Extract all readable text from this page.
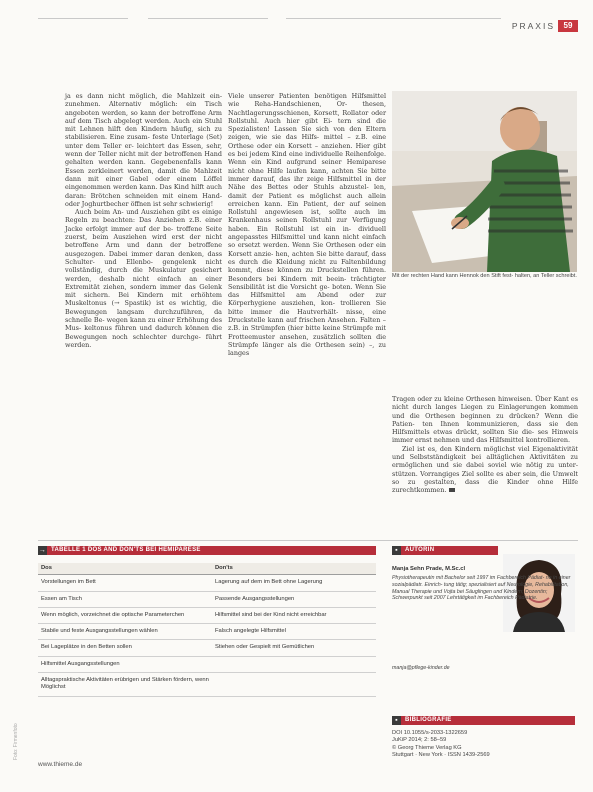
PRAXIS	59

ja es dann nicht möglich, die Mahlzeit ein- zunehmen. Alternativ möglich: ein Tisch angeboten werden, so kann der betroffene Arm auf dem Tisch abgelegt werden. Auch ein Stuhl mit Lehnen hilft den Kindern häufig, sich zu stabilisieren. Eine zusam- feste Unterlage (Set) unter dem Teller er- leichtert das Essen, sehr, wenn der Teller nicht mit der betroffenen Hand gehalten werden kann. Gegebenenfalls kann Essen zerkleinert werden, damit die Mahlzeit dann mit einer Gabel oder einem Löffel eingenommen werden kann. Das Kind hilft auch daran: Brötchen schneiden mit einem Hand- oder Joghurtbecher öffnen ist sehr schwierig!

Auch beim An- und Ausziehen gibt es einige Regeln zu beachten: Das Anziehen z.B. einer Jacke erfolgt immer auf der be- troffene Seite zuerst, beim Ausziehen wird erst der nicht betroffene Arm und dann der betroffene ausgezogen. Dabei immer daran denken, dass Schulter- und Ellenbo- gengelenk nicht vollständig, durch die Muskulatur gesichert werden, deshalb nicht einfach an einer Extremität ziehen, sondern immer das Gelenk mit sichern. Bei Kindern mit erhöhtem Muskeltonus (→ Spastik) ist es wichtig, die Bewegungen langsam durchzuführen, da schnelle Be- wegen kann zu einer Erhöhung des Mus- keltonus führen und dadurch können die Bewegungen noch schlechter durchge- führt werden.

Viele unserer Patienten benötigen Hilfsmittel wie Reha-Handschienen, Or- thesen, Nachtlagerungsschienen, Korsett, Rollator oder Rollstuhl. Auch hier gibt Ei- tern sind die Spezialisten! Lassen Sie sich von den Eltern zeigen, wie sie das Hilfs- mittel – z.B. eine Orthese oder ein Korsett – anziehen. Hier gibt es bei jedem Kind eine individuelle Reihenfolge. Wenn ein Kind aufgrund seiner Hemiparese nicht ohne Hilfe laufen kann, achten Sie bitte immer darauf, das ihr zeige Hilfsmittel in der Nähe des Bettes oder Stuhls abzustel- len, damit der Patient es möglichst auch allein erreichen kann. Ein Patient, der auf seinen Rollstuhl angewiesen ist, sollte auch im Krankenhaus seinen Rollstuhl zur Verfügung haben. Ein Rollstuhl ist ein in- dividuell angepasstes Hilfsmittel und kann nicht einfach so ersetzt werden. Wenn Sie Orthesen oder ein Korsett anzie- hen, achten Sie bitte darauf, dass es durch die Kleidung nicht zu Faltenbildung kommt, diese können zu Druckstellen führen. Besonders bei Kindern mit beein- trächtigter Sensibilität ist die Vorsicht ge- boten. Wenn Sie das Hilfsmittel am Abend oder zur Körperhygiene ausziehen, kon- trollieren Sie bitte immer die Hautverhält- nisse, eine Druckstelle kann auf frischen Ansehen. Falten – z.B. in Strümpfen (hier bitte keine Strümpfe mit Frotteemuster ansehen, zusätzlich sollten die Strümpfe länger als die Orthesen sein) –, zu langes

Mit der rechten Hand kann Hennok den Stift fest- halten, an Teller schreibt.

Tragen oder zu kleine Orthesen hinweisen. Über Kant es nicht durch langes Liegen zu Einlagerungen kommen und die Orthesen beginnen zu drücken? Wenn die Patien- ten Ihnen kommunizieren, dass sie den Hilfsmittels etwas drückt, sollten Sie die- ses Hinweis immer ernst nehmen und das Hilfsmittel kontrollieren.

Ziel ist es, den Kindern möglichst viel Eigenaktivität und Selbstständigkeit bei alltäglichen Aktivitäten zu ermöglichen und sie dabei soviel wie nötig zu unter- stützen. Vorrangiges Ziel sollte es aber sein, die Umwelt so zu gestalten, dass die Kinder ohne Hilfe zurechtkommen.

→ TABELLE 1 DOS AND DON'TS BEI HEMIPARESE
Dos	Don'ts
Vorstellungen im Bett	Lagerung auf dem im Bett ohne Lagerung
Essen am Tisch	Passende Ausgangsstellungen
Wenn möglich, vorzeichnet die optische Parameterchen	Hilfsmittel sind bei der Kind nicht erreichbar
Stabile und feste Ausgangsstellungen wählen	Falsch angelegte Hilfsmittel
Bei Lageplätze in den Betten sollen	Stiehen oder Gespielt mit Gemütlichen
Hilfsmittel Ausgangsstellungen	
Alltagspraktische Aktivitäten erübrigen und Stärken fördern, wenn Möglichst	
▪ AUTORIN
Manja Sehn Prade, M.Sc.cl
Physiotherapeutin mit Bachelor seit 1997 im Fachbereich Pädiat- rie in einer sozialpädiatr. Einrich- tung tätig; spezialisiert auf Neurologie, Rehabilitation, Manual Therapie und Vojta bei Säuglingen und Kindern; Dozentin; Schwerpunkt seit 2007 Lehrtätigkeit im Fachbereich Pädiatrie.
manja@pflege-kinder.de
▪ BIBLIOGRAFIE
DOI 10.1055/s-2033-1322659
JuKiP 2014; 2: 58–59
© Georg Thieme Verlag KG
Stuttgart · New York · ISSN 1439-2569
www.thieme.de
Foto: Firmenfoto
